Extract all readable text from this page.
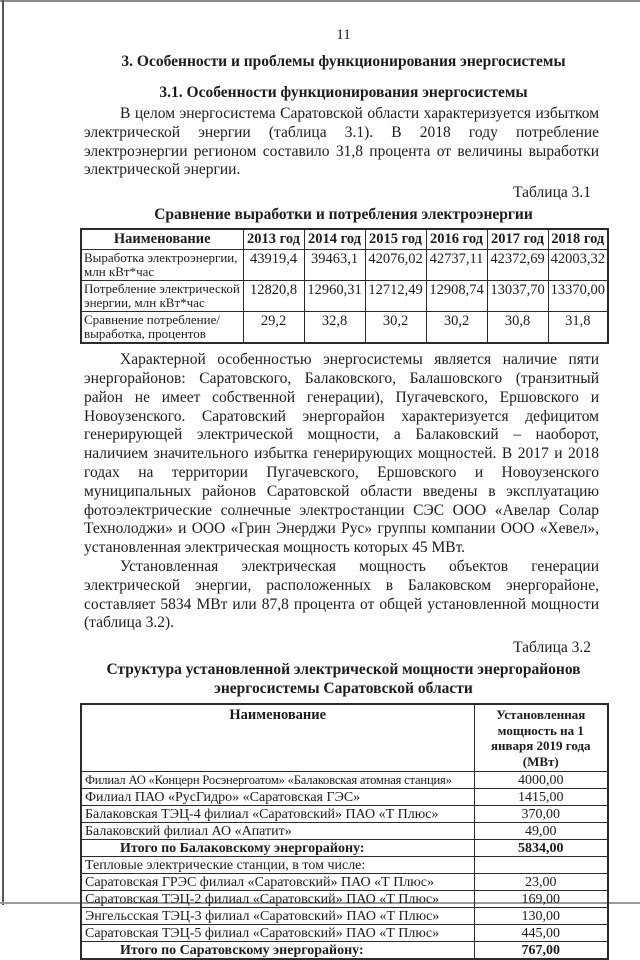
11
3. Особенности и проблемы функционирования энергосистемы
3.1. Особенности функционирования энергосистемы

В целом энергосистема Саратовской области характеризуется избытком электрической энергии (таблица 3.1). В 2018 году потребление электроэнергии регионом составило 31,8 процента от величины выработки электрической энергии.

Таблица 3.1
Сравнение выработки и потребления электроэнергии
Наименование	2013 год	2014 год	2015 год	2016 год	2017 год	2018 год
Выработка электроэнергии, млн кВт*час	43919,4	39463,1	42076,02	42737,11	42372,69	42003,32
Потребление электрической энергии, млн кВт*час	12820,8	12960,31	12712,49	12908,74	13037,70	13370,00
Сравнение потребление/выработка, процентов	29,2	32,8	30,2	30,2	30,8	31,8

Характерной особенностью энергосистемы является наличие пяти энергорайонов: Саратовского, Балаковского, Балашовского (транзитный район не имеет собственной генерации), Пугачевского, Ершовского и Новоузенского. Саратовский энергорайон характеризуется дефицитом генерирующей электрической мощности, а Балаковский – наоборот, наличием значительного избытка генерирующих мощностей. В 2017 и 2018 годах на территории Пугачевского, Ершовского и Новоузенского муниципальных районов Саратовской области введены в эксплуатацию фотоэлектрические солнечные электростанции СЭС ООО «Авелар Солар Технолоджи» и ООО «Грин Энерджи Рус» группы компании ООО «Хевел», установленная электрическая мощность которых 45 МВт.

Установленная электрическая мощность объектов генерации электрической энергии, расположенных в Балаковском энергорайоне, составляет 5834 МВт или 87,8 процента от общей установленной мощности (таблица 3.2).

Таблица 3.2
Структура установленной электрической мощности энергорайонов энергосистемы Саратовской области
Наименование	Установленная мощность на 1 января 2019 года (МВт)
Филиал АО «Концерн Росэнергоатом» «Балаковская атомная станция»	4000,00
Филиал ПАО «РусГидро» «Саратовская ГЭС»	1415,00
Балаковская ТЭЦ-4 филиал «Саратовский» ПАО «Т Плюс»	370,00
Балаковский филиал АО «Апатит»	49,00
Итого по Балаковскому энергорайону:	5834,00
Тепловые электрические станции, в том числе:	
Саратовская ГРЭС филиал «Саратовский» ПАО «Т Плюс»	23,00
Саратовская ТЭЦ-2 филиал «Саратовский» ПАО «Т Плюс»	169,00
Энгельсская ТЭЦ-3 филиал «Саратовский» ПАО «Т Плюс»	130,00
Саратовская ТЭЦ-5 филиал «Саратовский» ПАО «Т Плюс»	445,00
Итого по Саратовскому энергорайону:	767,00
